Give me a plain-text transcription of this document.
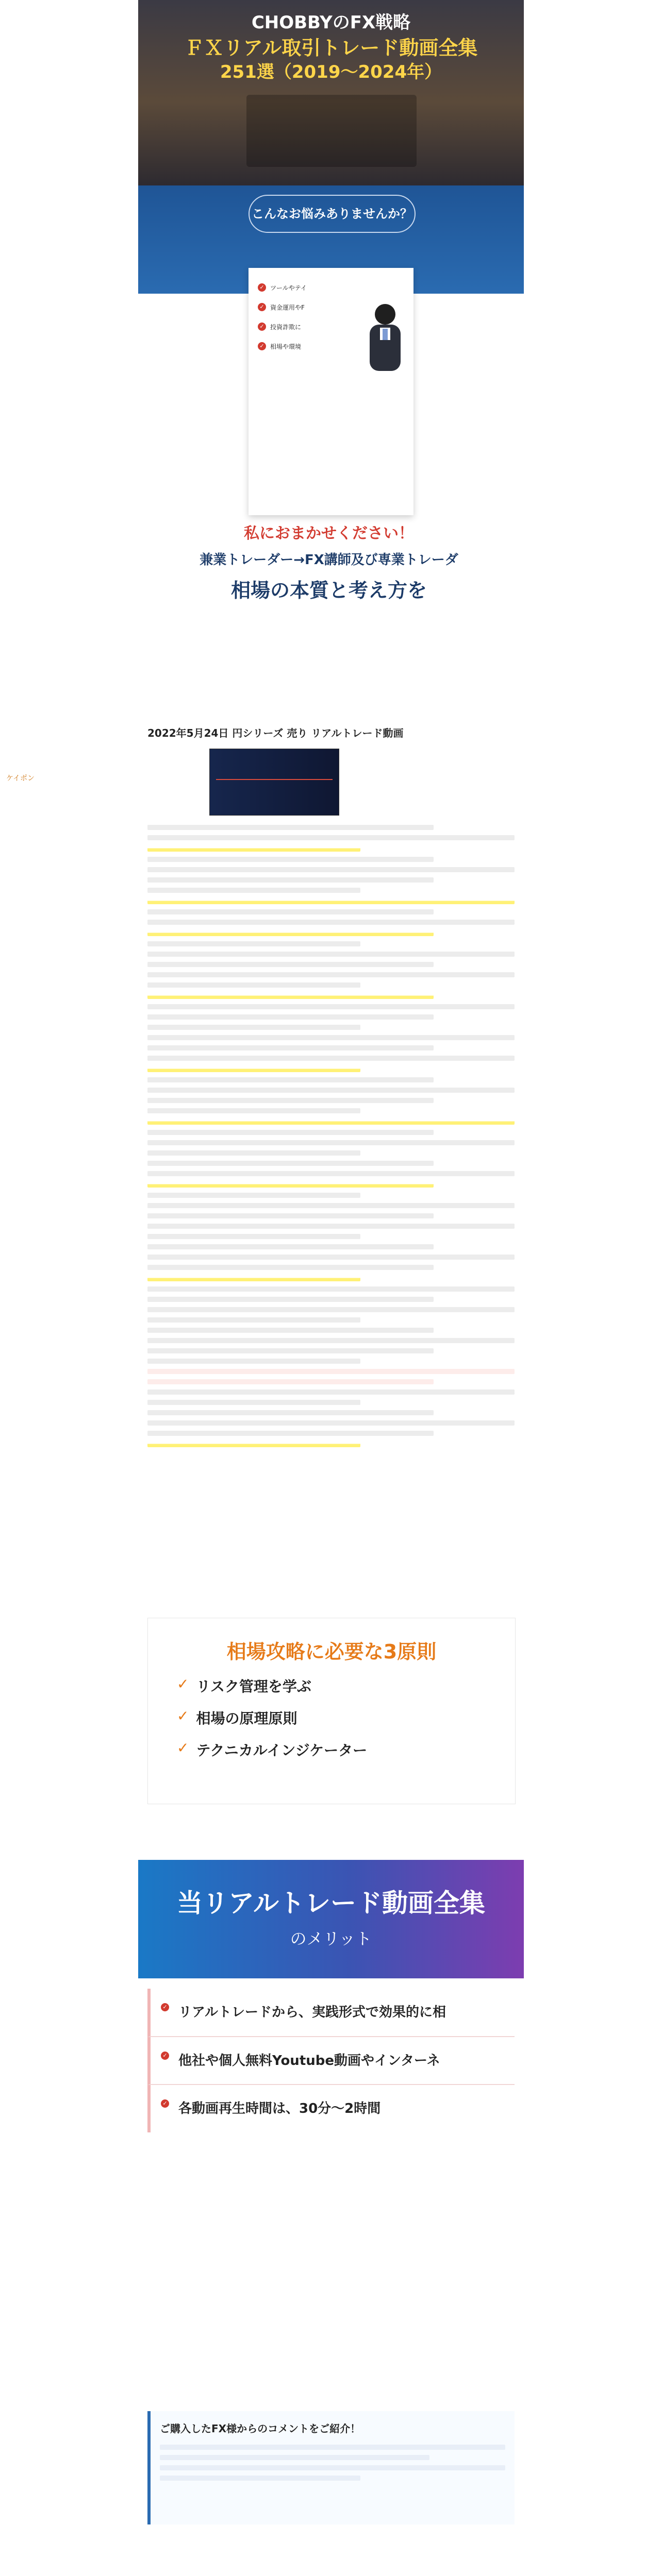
ケイポン
CHOBBYのFX戦略
ＦＸリアル取引トレード動画全集
251選（2019〜2024年）
こんなお悩みありませんか？
✓ ツールやテイ
✓ 資金運用やF
✓ 投資詐欺に
✓ 相場や環境
私におまかせください！
兼業トレーダー→FX講師及び専業トレーダ
相場の本質と考え方を
2022年5月24日 円シリーズ 売り リアルトレード動画
相場攻略に必要な3原則
✓ リスク管理を学ぶ
✓ 相場の原理原則
✓ テクニカルインジケーター
当リアルトレード動画全集
のメリット
✓ リアルトレードから、実践形式で効果的に相
✓ 他社や個人無料Youtube動画やインターネ
✓ 各動画再生時間は、30分〜2時間
ご購入したFX様からのコメントをご紹介！
